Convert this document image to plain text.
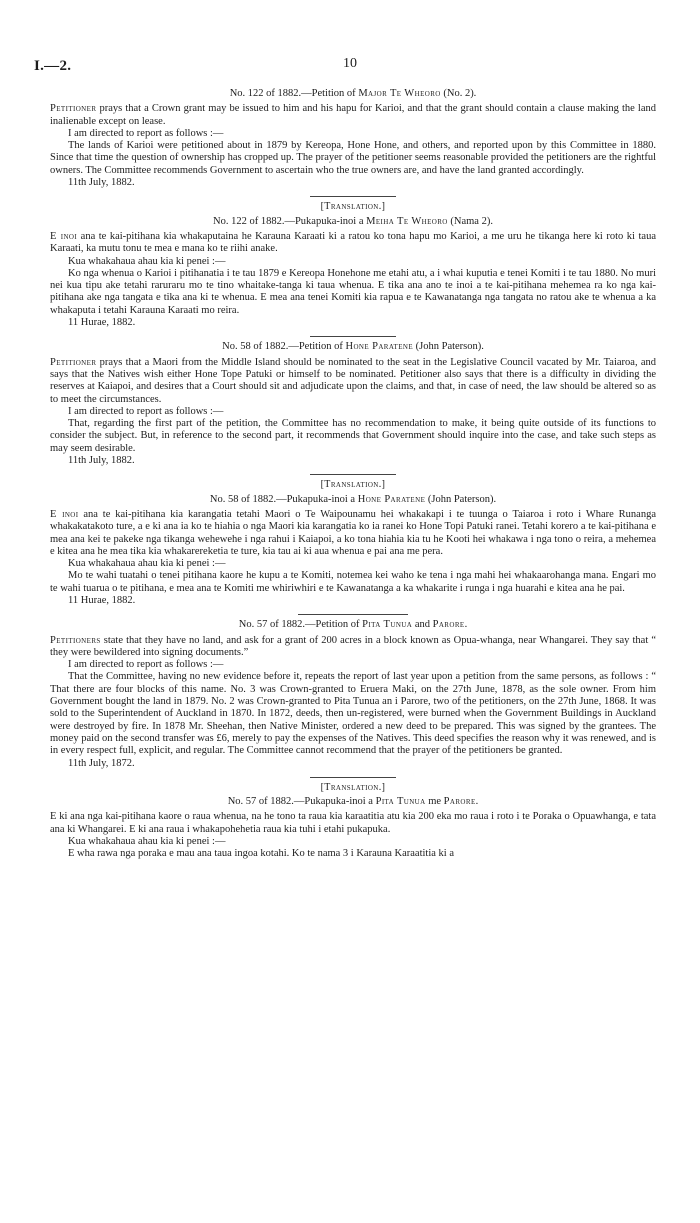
I.—2.	10
No. 122 of 1882.—Petition of Major Te Wheoro (No. 2).

Petitioner prays that a Crown grant may be issued to him and his hapu for Karioi, and that the grant should contain a clause making the land inalienable except on lease.

I am directed to report as follows :—

The lands of Karioi were petitioned about in 1879 by Kereopa, Hone Hone, and others, and reported upon by this Committee in 1880. Since that time the question of ownership has cropped up. The prayer of the petitioner seems reasonable provided the petitioners are the rightful owners. The Committee recommends Government to ascertain who the true owners are, and have the land granted accordingly.

11th July, 1882.

[Translation.]
No. 122 of 1882.—Pukapuka-inoi a Meiha Te Wheoro (Nama 2).

E inoi ana te kai-pitihana kia whakaputaina he Karauna Karaati ki a ratou ko tona hapu mo Karioi, a me uru he tikanga here ki roto ki taua Karaati, ka mutu tonu te mea e mana ko te riihi anake.

Kua whakahaua ahau kia ki penei :—

Ko nga whenua o Karioi i pitihanatia i te tau 1879 e Kereopa Honehone me etahi atu, a i whai kuputia e tenei Komiti i te tau 1880. No muri nei kua tipu ake tetahi raruraru mo te tino whaitake-tanga ki taua whenua. E tika ana ano te inoi a te kai-pitihana mehemea ra ko nga kai-pitihana ake nga tangata e tika ana ki te whenua. E mea ana tenei Komiti kia rapua e te Kawanatanga nga tangata no ratou ake te whenua a ka whakaputa i tetahi Karauna Karaati mo reira.

11 Hurae, 1882.

No. 58 of 1882.—Petition of Hone Paratene (John Paterson).

Petitioner prays that a Maori from the Middle Island should be nominated to the seat in the Legislative Council vacated by Mr. Taiaroa, and says that the Natives wish either Hone Tope Patuki or himself to be nominated. Petitioner also says that there is a difficulty in dividing the reserves at Kaiapoi, and desires that a Court should sit and adjudicate upon the claims, and that, in case of need, the law should be altered so as to meet the circumstances.

I am directed to report as follows :—

That, regarding the first part of the petition, the Committee has no recommendation to make, it being quite outside of its functions to consider the subject. But, in reference to the second part, it recommends that Government should inquire into the case, and take such steps as may seem desirable.

11th July, 1882.

[Translation.]
No. 58 of 1882.—Pukapuka-inoi a Hone Paratene (John Paterson).

E inoi ana te kai-pitihana kia karangatia tetahi Maori o Te Waipounamu hei whakakapi i te tuunga o Taiaroa i roto i Whare Runanga whakakatakoto ture, a e ki ana ia ko te hiahia o nga Maori kia karangatia ko ia ranei ko Hone Topi Patuki ranei. Tetahi korero a te kai-pitihana e mea ana kei te pakeke nga tikanga wehewehe i nga rahui i Kaiapoi, a ko tona hiahia kia tu he Kooti hei whakawa i nga tono o reira, a mehemea e kitea ana he mea tika kia whakarereketia te ture, kia tau ai ki aua whenua e pai ana me pera.

Kua whakahaua ahau kia ki penei :—

Mo te wahi tuatahi o tenei pitihana kaore he kupu a te Komiti, notemea kei waho ke tena i nga mahi hei whakaarohanga mana. Engari mo te wahi tuarua o te pitihana, e mea ana te Komiti me whiriwhiri e te Kawanatanga a ka whakarite i runga i nga huarahi e kitea ana he pai.

11 Hurae, 1882.

No. 57 of 1882.—Petition of Pita Tunua and Parore.

Petitioners state that they have no land, and ask for a grant of 200 acres in a block known as Opua-whanga, near Whangarei. They say that “ they were bewildered into signing documents.”

I am directed to report as follows :—

That the Committee, having no new evidence before it, repeats the report of last year upon a petition from the same persons, as follows : “ That there are four blocks of this name. No. 3 was Crown-granted to Eruera Maki, on the 27th June, 1878, as the sole owner. From him Government bought the land in 1879. No. 2 was Crown-granted to Pita Tunua an i Parore, two of the petitioners, on the 27th June, 1868. It was sold to the Superintendent of Auckland in 1870. In 1872, deeds, then un-registered, were burned when the Government Buildings in Auckland were destroyed by fire. In 1878 Mr. Sheehan, then Native Minister, ordered a new deed to be prepared. This was signed by the grantees. The money paid on the second transfer was £6, merely to pay the expenses of the Natives. This deed specifies the reason why it was renewed, and is in every respect full, explicit, and regular. The Committee cannot recommend that the prayer of the petitioners be granted.

11th July, 1872.

[Translation.]
No. 57 of 1882.—Pukapuka-inoi a Pita Tunua me Parore.

E ki ana nga kai-pitihana kaore o raua whenua, na he tono ta raua kia karaatitia atu kia 200 eka mo raua i roto i te Poraka o Opuawhanga, e tata ana ki Whangarei. E ki ana raua i whakapohehetia raua kia tuhi i etahi pukapuka.

Kua whakahaua ahau kia ki penei :—

E wha rawa nga poraka e mau ana taua ingoa kotahi. Ko te nama 3 i Karauna Karaatitia ki a
